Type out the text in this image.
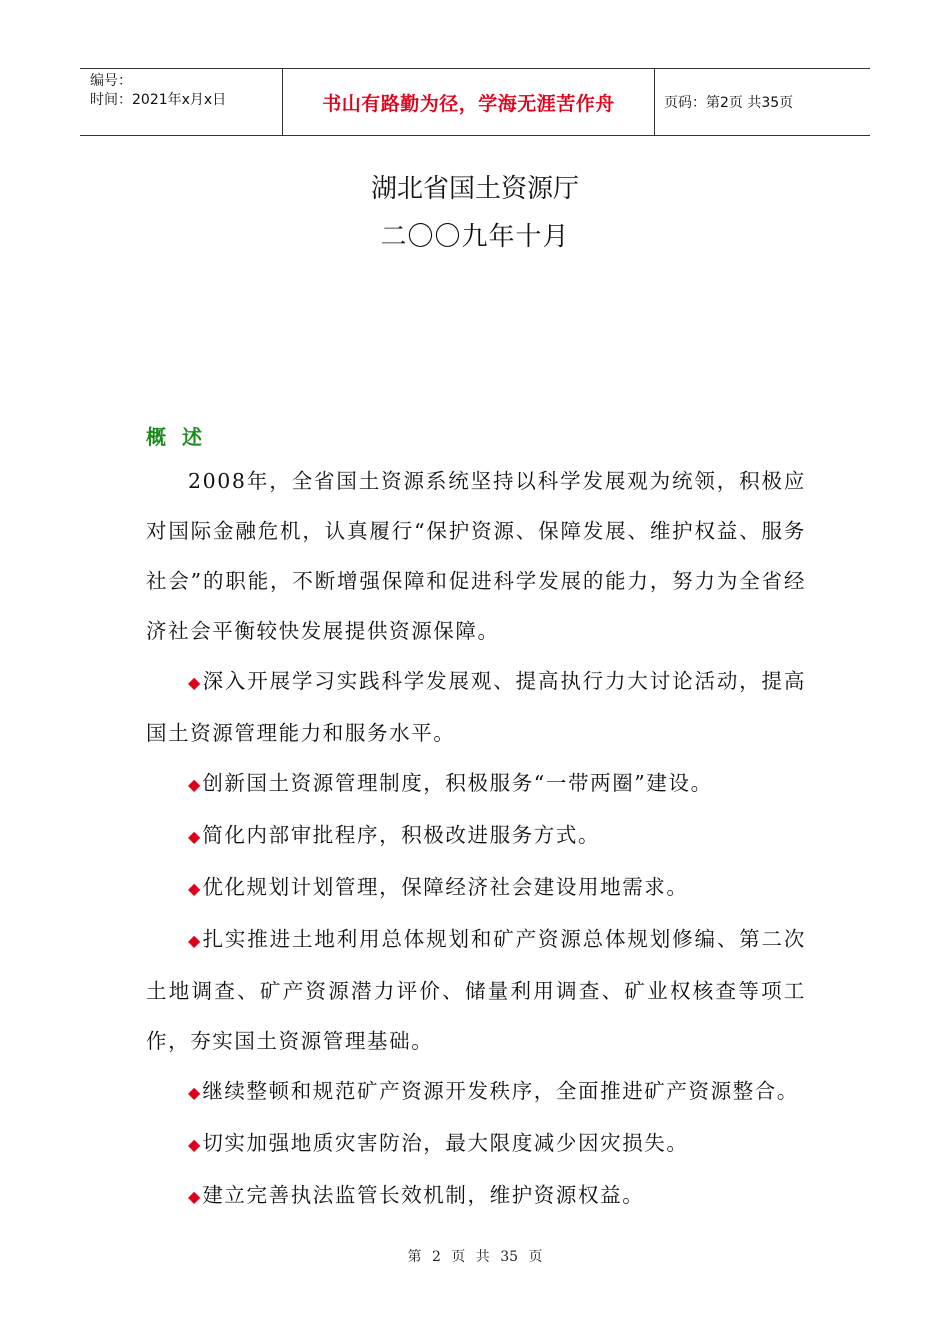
编号：
时间：2021年x月x日	书山有路勤为径，学海无涯苦作舟	页码：第2页 共35页
湖北省国土资源厅
二〇〇九年十月
概述
2008年，全省国土资源系统坚持以科学发展观为统领，积极应对国际金融危机，认真履行“保护资源、保障发展、维护权益、服务社会”的职能，不断增强保障和促进科学发展的能力，努力为全省经济社会平衡较快发展提供资源保障。

◆深入开展学习实践科学发展观、提高执行力大讨论活动，提高国土资源管理能力和服务水平。

◆创新国土资源管理制度，积极服务“一带两圈”建设。

◆简化内部审批程序，积极改进服务方式。

◆优化规划计划管理，保障经济社会建设用地需求。

◆扎实推进土地利用总体规划和矿产资源总体规划修编、第二次土地调查、矿产资源潜力评价、储量利用调查、矿业权核查等项工作，夯实国土资源管理基础。

◆继续整顿和规范矿产资源开发秩序，全面推进矿产资源整合。

◆切实加强地质灾害防治，最大限度减少因灾损失。

◆建立完善执法监管长效机制，维护资源权益。

第 2 页 共 35 页
